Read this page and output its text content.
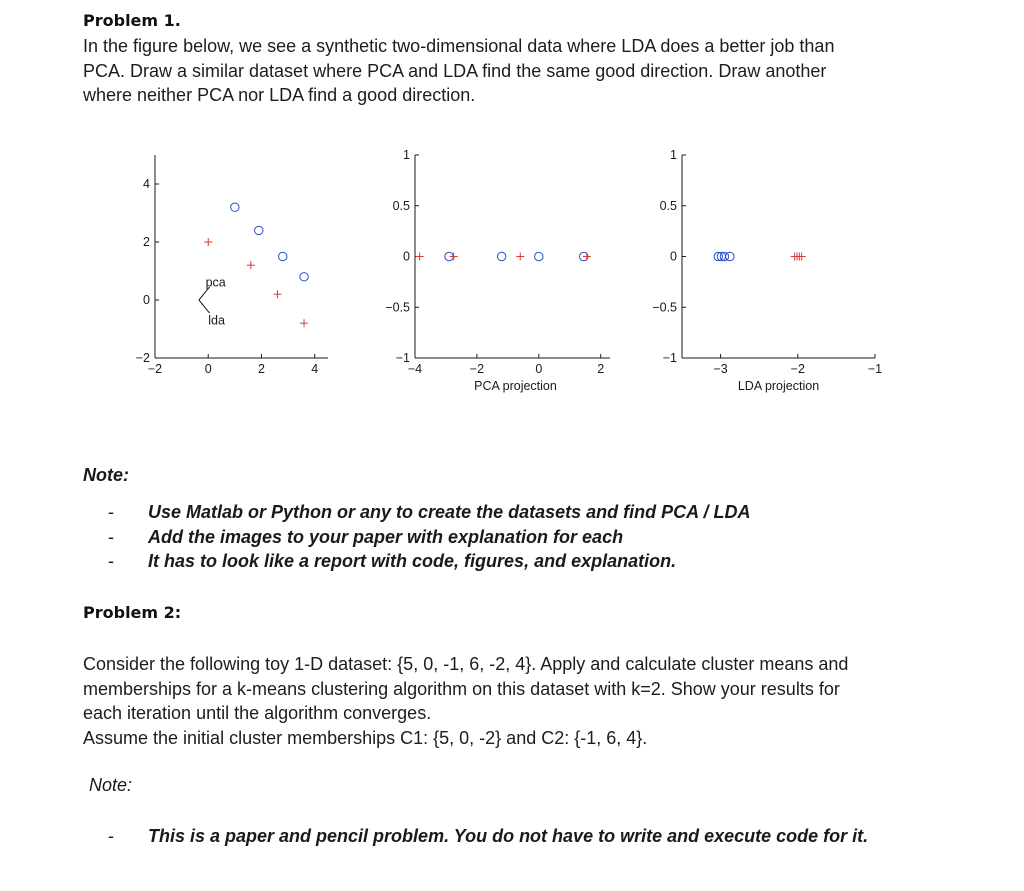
Problem 1.
In the figure below, we see a synthetic two-dimensional data where LDA does a better job than
PCA. Draw a similar dataset where PCA and LDA find the same good direction. Draw another
where neither PCA nor LDA find a good direction.
−2
0
2
4
−2	0	2	4
pca
lda
−1
−0.5
0
0.5
1
−4	−2	0	2
PCA projection
−1
−0.5
0
0.5
1
−3	−2	−1
LDA projection
Note:
- Use Matlab or Python or any to create the datasets and find PCA / LDA
- Add the images to your paper with explanation for each
- It has to look like a report with code, figures, and explanation.
Problem 2:
Consider the following toy 1-D dataset: {5, 0, -1, 6, -2, 4}. Apply and calculate cluster means and
memberships for a k-means clustering algorithm on this dataset with k=2. Show your results for
each iteration until the algorithm converges.
Assume the initial cluster memberships C1: {5, 0, -2} and C2: {-1, 6, 4}.
Note:
- This is a paper and pencil problem. You do not have to write and execute code for it.
